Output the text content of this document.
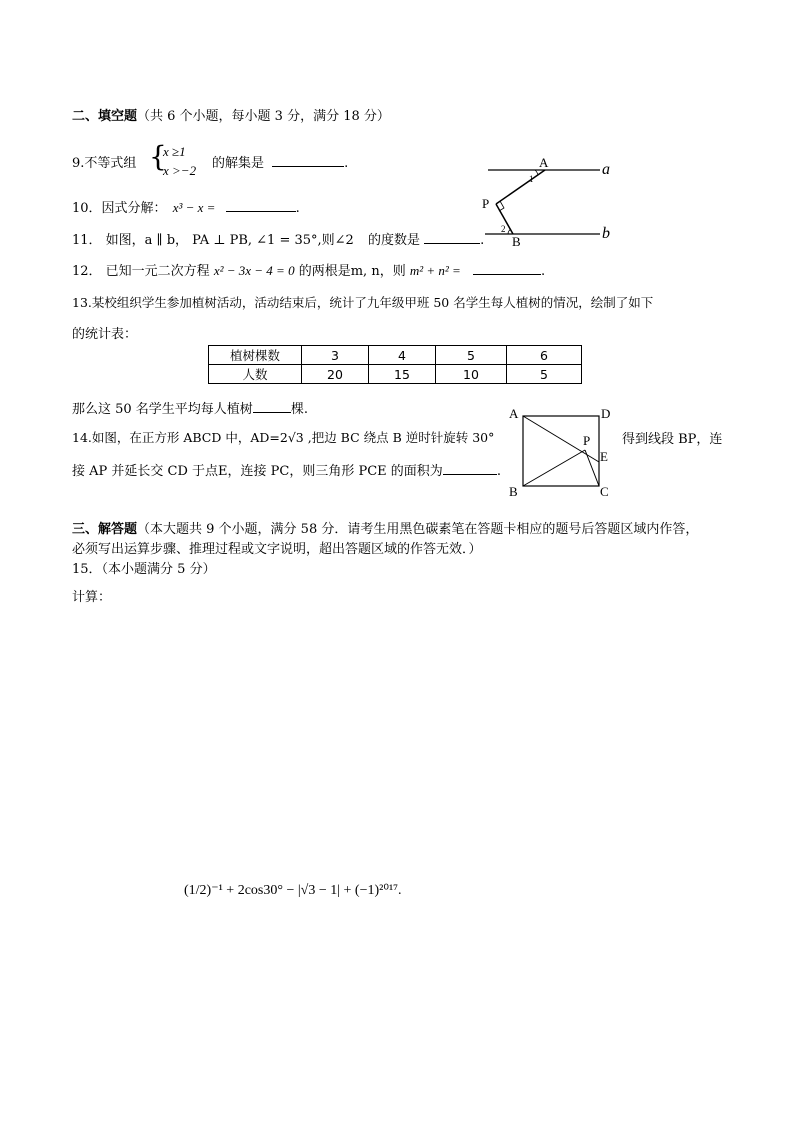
二、填空题（共 6 个小题，每小题 3 分，满分 18 分）
9.不等式组 {
x ≥1
x >−2 的解集是	.
10．因式分解： x³ − x =	.
11． 如图，a ∥ b， PA ⊥ PB, ∠1 = 35°,则∠2 的度数是	.
A
B
P
a
b
1
2
12． 已知一元二次方程 x² − 3x − 4 = 0 的两根是m, n，则 m² + n² =	.
13.某校组织学生参加植树活动，活动结束后，统计了九年级甲班 50 名学生每人植树的情况，绘制了如下
的统计表：
植树棵数	3	4	5	6
人数	20	15	10	5
那么这 50 名学生平均每人植树	棵.
14.如图，在正方形 ABCD 中，AD=2√3 ,把边 BC 绕点 B 逆时针旋转 30°	得到线段 BP，连
接 AP 并延长交 CD 于点E，连接 PC，则三角形 PCE 的面积为	.
A	D
B	C
P
E
三、解答题（本大题共 9 个小题，满分 58 分．请考生用黑色碳素笔在答题卡相应的题号后答题区域内作答，
必须写出运算步骤、推理过程或文字说明，超出答题区域的作答无效．）
15．（本小题满分 5 分）
计算：
(1/2)⁻¹ + 2cos30° − |√3 − 1| + (−1)²⁰¹⁷.
